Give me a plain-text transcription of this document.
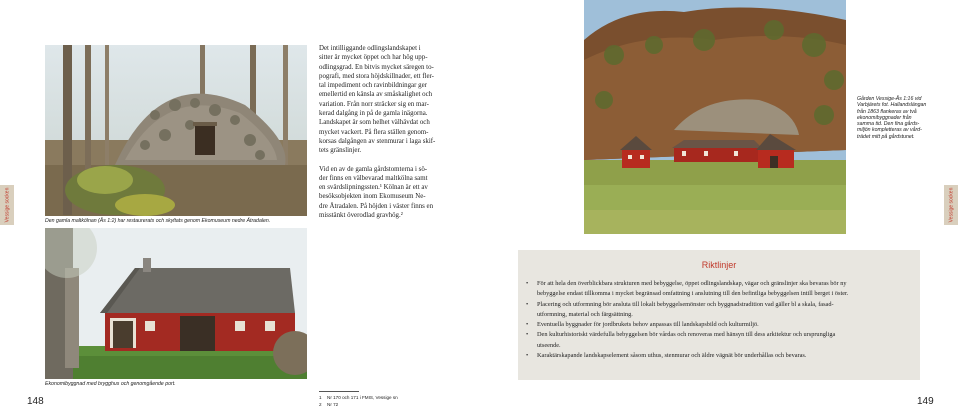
Den gamla maltkölnan (Ås 1:2) har restaurerats och skyltats genom Ekomuseum nedre Ätradalen.
Ekonomibyggnad med brygghus och genomgående port.

Det intilliggande odlingslandskapet i
sitter är mycket öppet och har hög upp-
odlingsgrad. En bitvis mycket säregen to-
pografi, med stora höjdskillnader, ett fler-
tal impediment och ravinbildningar ger
emellertid en känsla av småskalighet och
variation. Från norr sträcker sig en mar-
kerad dalgång in på de gamla inägorna.
Landskapet är som helhet välhävdat och
mycket vackert. På flera ställen genom-
korsas dalgången av stenmurar i laga skif-
tets gränslinjer.

Vid en av de gamla gårdstomterna i sö-
der finns en välbevarad maltkölna samt
en svärdslipningssten.¹ Kölnan är ett av
besöksobjekten inom Ekomuseum Ne-
dre Ätradalen. På höjden i väster finns en
misstänkt överodlad gravhög.²

Vessige socken
1 Nr 170 och 171 i FMIS, Vessige sn
2 Nr 72
148
Gården Vessige-Ås 1:16 vid
Varbjärets fot. Hallandslängan
från 1863 flankeras av två
ekonomibyggnader från
samma tid. Den fina gårds-
miljön kompletteras av vård-
trädet mitt på gårdstunet.
Vessige socken
Riktlinjer
• För att hela den överblickbara strukturen med bebyggelse, öppet odlingslandskap, vägar och gränslinjer ska bevaras bör ny
bebyggelse endast tillkomma i mycket begränsad omfattning i anslutning till den befintliga bebyggelsen intill berget i öster.
• Placering och utformning bör ansluta till lokalt bebyggelsemönster och byggnadstradition vad gäller bl a skala, fasad-
utformning, material och färgsättning.
• Eventuella byggnader för jordbrukets behov anpassas till landskapsbild och kulturmiljö.
• Den kulturhistoriskt värdefulla bebyggelsen bör vårdas och renoveras med hänsyn till dess arkitektur och ursprungliga
utseende.
• Karaktärskapande landskapselement såsom uthus, stenmurar och äldre vägnät bör underhållas och bevaras.
149
